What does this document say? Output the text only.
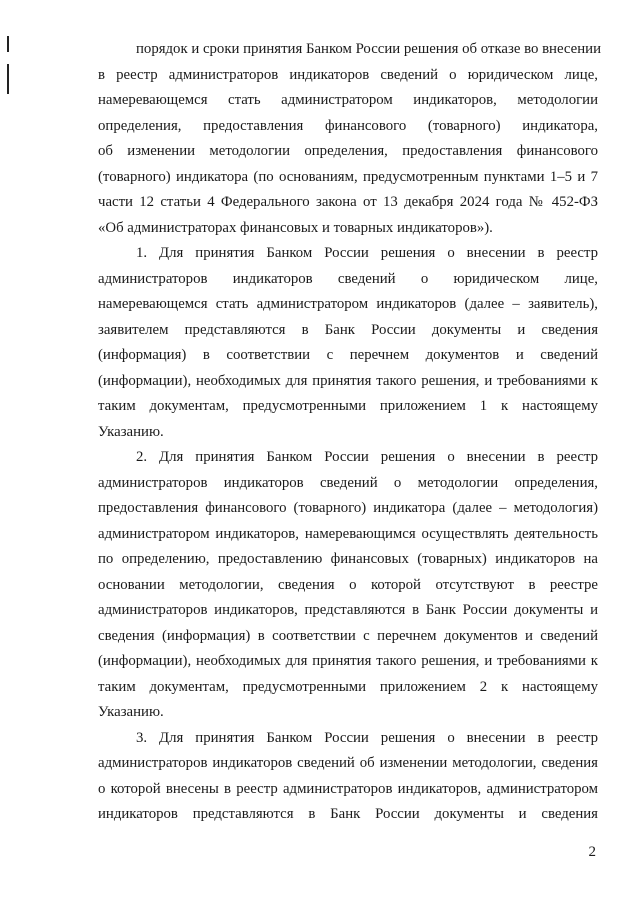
порядок и сроки принятия Банком России решения об отказе во внесении
в реестр администраторов индикаторов сведений о юридическом лице,
намеревающемся стать администратором индикаторов, методологии
определения, предоставления финансового (товарного) индикатора,
об изменении методологии определения, предоставления финансового
(товарного) индикатора (по основаниям, предусмотренным пунктами 1–5 и 7
части 12 статьи 4 Федерального закона от 13 декабря 2024 года № 452-ФЗ
«Об администраторах финансовых и товарных индикаторов»).
1. Для принятия Банком России решения о внесении в реестр
администраторов индикаторов сведений о юридическом лице,
намеревающемся стать администратором индикаторов (далее – заявитель),
заявителем представляются в Банк России документы и сведения
(информация) в соответствии с перечнем документов и сведений
(информации), необходимых для принятия такого решения, и требованиями к
таким документам, предусмотренными приложением 1 к настоящему
Указанию.
2. Для принятия Банком России решения о внесении в реестр
администраторов индикаторов сведений о методологии определения,
предоставления финансового (товарного) индикатора (далее – методология)
администратором индикаторов, намеревающимся осуществлять деятельность
по определению, предоставлению финансовых (товарных) индикаторов на
основании методологии, сведения о которой отсутствуют в реестре
администраторов индикаторов, представляются в Банк России документы и
сведения (информация) в соответствии с перечнем документов и сведений
(информации), необходимых для принятия такого решения, и требованиями к
таким документам, предусмотренными приложением 2 к настоящему
Указанию.
3. Для принятия Банком России решения о внесении в реестр
администраторов индикаторов сведений об изменении методологии, сведения
о которой внесены в реестр администраторов индикаторов, администратором
индикаторов представляются в Банк России документы и сведения
2
